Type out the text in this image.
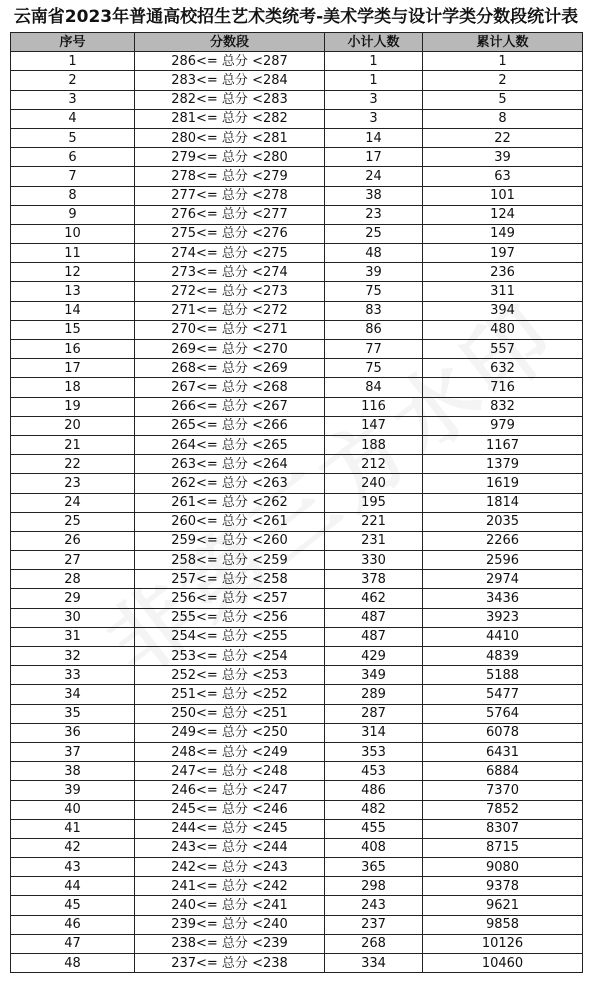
云南省2023年普通高校招生艺术类统考-美术学类与设计学类分数段统计表
序号	分数段	小计人数	累计人数
1	286<= 总分 <287	1	1
2	283<= 总分 <284	1	2
3	282<= 总分 <283	3	5
4	281<= 总分 <282	3	8
5	280<= 总分 <281	14	22
6	279<= 总分 <280	17	39
7	278<= 总分 <279	24	63
8	277<= 总分 <278	38	101
9	276<= 总分 <277	23	124
10	275<= 总分 <276	25	149
11	274<= 总分 <275	48	197
12	273<= 总分 <274	39	236
13	272<= 总分 <273	75	311
14	271<= 总分 <272	83	394
15	270<= 总分 <271	86	480
16	269<= 总分 <270	77	557
17	268<= 总分 <269	75	632
18	267<= 总分 <268	84	716
19	266<= 总分 <267	116	832
20	265<= 总分 <266	147	979
21	264<= 总分 <265	188	1167
22	263<= 总分 <264	212	1379
23	262<= 总分 <263	240	1619
24	261<= 总分 <262	195	1814
25	260<= 总分 <261	221	2035
26	259<= 总分 <260	231	2266
27	258<= 总分 <259	330	2596
28	257<= 总分 <258	378	2974
29	256<= 总分 <257	462	3436
30	255<= 总分 <256	487	3923
31	254<= 总分 <255	487	4410
32	253<= 总分 <254	429	4839
33	252<= 总分 <253	349	5188
34	251<= 总分 <252	289	5477
35	250<= 总分 <251	287	5764
36	249<= 总分 <250	314	6078
37	248<= 总分 <249	353	6431
38	247<= 总分 <248	453	6884
39	246<= 总分 <247	486	7370
40	245<= 总分 <246	482	7852
41	244<= 总分 <245	455	8307
42	243<= 总分 <244	408	8715
43	242<= 总分 <243	365	9080
44	241<= 总分 <242	298	9378
45	240<= 总分 <241	243	9621
46	239<= 总分 <240	237	9858
47	238<= 总分 <239	268	10126
48	237<= 总分 <238	334	10460
